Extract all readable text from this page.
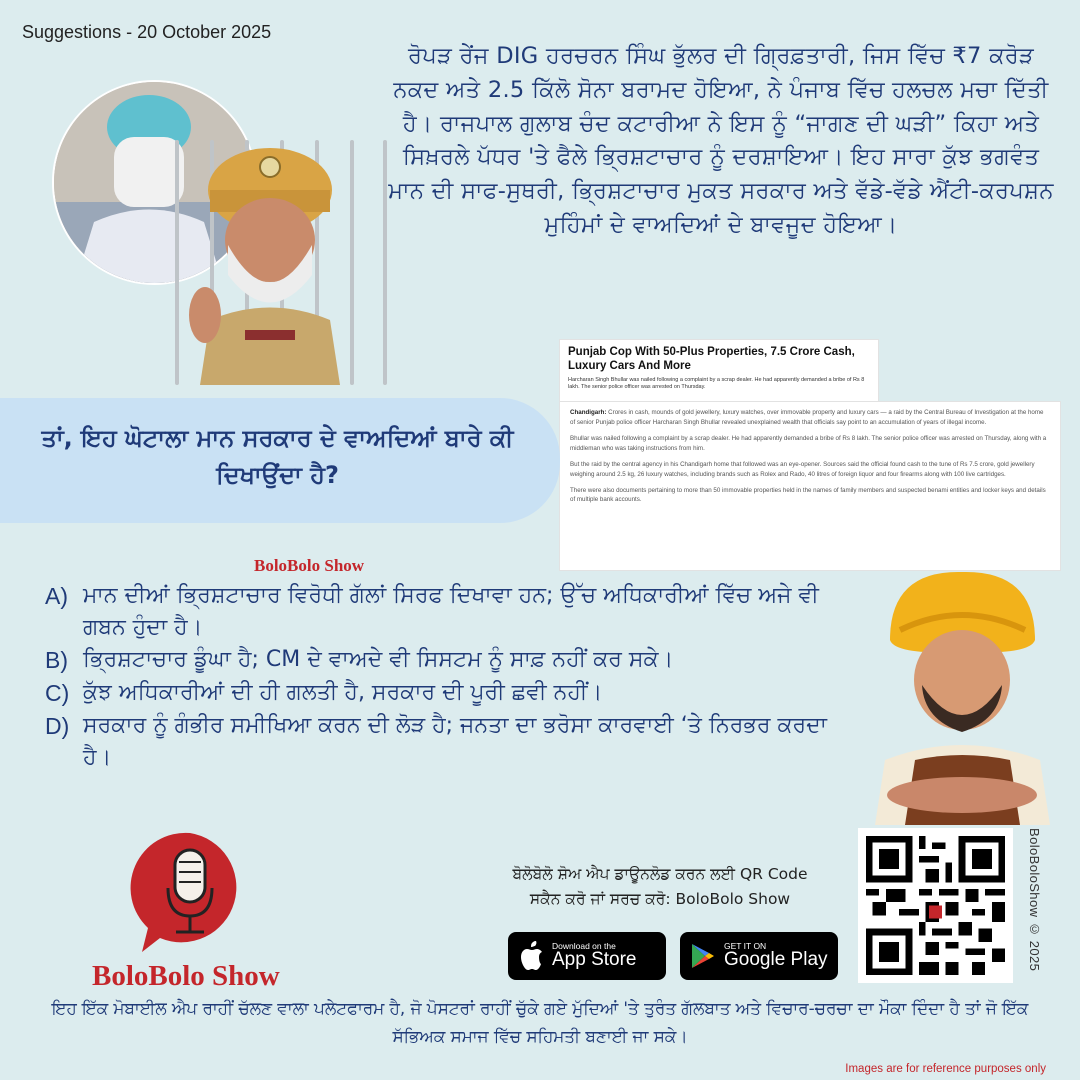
Suggestions - 20 October 2025
ਰੋਪੜ ਰੇਂਜ DIG ਹਰਚਰਨ ਸਿੰਘ ਭੁੱਲਰ ਦੀ ਗ੍ਰਿਫ਼ਤਾਰੀ, ਜਿਸ ਵਿੱਚ ₹7 ਕਰੋੜ ਨਕਦ ਅਤੇ 2.5 ਕਿੱਲੋ ਸੋਨਾ ਬਰਾਮਦ ਹੋਇਆ, ਨੇ ਪੰਜਾਬ ਵਿੱਚ ਹਲਚਲ ਮਚਾ ਦਿੱਤੀ ਹੈ। ਰਾਜਪਾਲ ਗੁਲਾਬ ਚੰਦ ਕਟਾਰੀਆ ਨੇ ਇਸ ਨੂੰ “ਜਾਗਣ ਦੀ ਘੜੀ” ਕਿਹਾ ਅਤੇ ਸਿਖ਼ਰਲੇ ਪੱਧਰ 'ਤੇ ਫੈਲੇ ਭ੍ਰਿਸ਼ਟਾਚਾਰ ਨੂੰ ਦਰਸ਼ਾਇਆ। ਇਹ ਸਾਰਾ ਕੁੱਝ ਭਗਵੰਤ ਮਾਨ ਦੀ ਸਾਫ-ਸੁਥਰੀ, ਭ੍ਰਿਸ਼ਟਾਚਾਰ ਮੁਕਤ ਸਰਕਾਰ ਅਤੇ ਵੱਡੇ-ਵੱਡੇ ਐਂਟੀ-ਕਰਪਸ਼ਨ ਮੁਹਿੰਮਾਂ ਦੇ ਵਾਅਦਿਆਂ ਦੇ ਬਾਵਜੂਦ ਹੋਇਆ।
Punjab Cop With 50-Plus Properties, 7.5 Crore Cash, Luxury Cars And More
Harcharan Singh Bhullar was nailed following a complaint by a scrap dealer. He had apparently demanded a bribe of Rs 8 lakh. The senior police officer was arrested on Thursday.

Chandigarh: Crores in cash, mounds of gold jewellery, luxury watches, over immovable property and luxury cars — a raid by the Central Bureau of Investigation at the home of senior Punjab police officer Harcharan Singh Bhullar revealed unexplained wealth that officials say point to an accumulation of years of illegal income.

Bhullar was nailed following a complaint by a scrap dealer. He had apparently demanded a bribe of Rs 8 lakh. The senior police officer was arrested on Thursday, along with a middleman who was taking instructions from him.

But the raid by the central agency in his Chandigarh home that followed was an eye-opener. Sources said the official found cash to the tune of Rs 7.5 crore, gold jewellery weighing around 2.5 kg, 26 luxury watches, including brands such as Rolex and Rado, 40 litres of foreign liquor and four firearms along with 100 live cartridges.

There were also documents pertaining to more than 50 immovable properties held in the names of family members and suspected benami entities and locker keys and details of multiple bank accounts.

ਤਾਂ, ਇਹ ਘੋਟਾਲਾ ਮਾਨ ਸਰਕਾਰ ਦੇ ਵਾਅਦਿਆਂ ਬਾਰੇ ਕੀ ਦਿਖਾਉਂਦਾ ਹੈ?
BoloBolo Show
A) ਮਾਨ ਦੀਆਂ ਭ੍ਰਿਸ਼ਟਾਚਾਰ ਵਿਰੋਧੀ ਗੱਲਾਂ ਸਿਰਫ ਦਿਖਾਵਾ ਹਨ; ਉੱਚ ਅਧਿਕਾਰੀਆਂ ਵਿੱਚ ਅਜੇ ਵੀ ਗਬਨ ਹੁੰਦਾ ਹੈ।
B) ਭ੍ਰਿਸ਼ਟਾਚਾਰ ਡੂੰਘਾ ਹੈ; CM ਦੇ ਵਾਅਦੇ ਵੀ ਸਿਸਟਮ ਨੂੰ ਸਾਫ਼ ਨਹੀਂ ਕਰ ਸਕੇ।
C) ਕੁੱਝ ਅਧਿਕਾਰੀਆਂ ਦੀ ਹੀ ਗਲਤੀ ਹੈ, ਸਰਕਾਰ ਦੀ ਪੂਰੀ ਛਵੀ ਨਹੀਂ।
D) ਸਰਕਾਰ ਨੂੰ ਗੰਭੀਰ ਸਮੀਖਿਆ ਕਰਨ ਦੀ ਲੋੜ ਹੈ; ਜਨਤਾ ਦਾ ਭਰੋਸਾ ਕਾਰਵਾਈ ‘ਤੇ ਨਿਰਭਰ ਕਰਦਾ ਹੈ।
BoloBolo Show
ਬੋਲੋਬੋਲੋ ਸ਼ੋਅ ਐਪ ਡਾਊਨਲੋਡ ਕਰਨ ਲਈ QR Code
ਸਕੈਨ ਕਰੋ ਜਾਂ ਸਰਚ ਕਰੋ: BoloBolo Show
Download on the
App Store
GET IT ON
Google Play	BoloBoloShow © 2025
ਇਹ ਇੱਕ ਮੋਬਾਈਲ ਐਪ ਰਾਹੀਂ ਚੱਲਣ ਵਾਲਾ ਪਲੇਟਫਾਰਮ ਹੈ, ਜੋ ਪੋਸਟਰਾਂ ਰਾਹੀਂ ਚੁੱਕੇ ਗਏ ਮੁੱਦਿਆਂ 'ਤੇ ਤੁਰੰਤ ਗੱਲਬਾਤ ਅਤੇ ਵਿਚਾਰ-ਚਰਚਾ ਦਾ ਮੌਕਾ ਦਿੰਦਾ ਹੈ ਤਾਂ ਜੋ ਇੱਕ ਸੱਭਿਅਕ ਸਮਾਜ ਵਿੱਚ ਸਹਿਮਤੀ ਬਣਾਈ ਜਾ ਸਕੇ।
Images are for reference purposes only
